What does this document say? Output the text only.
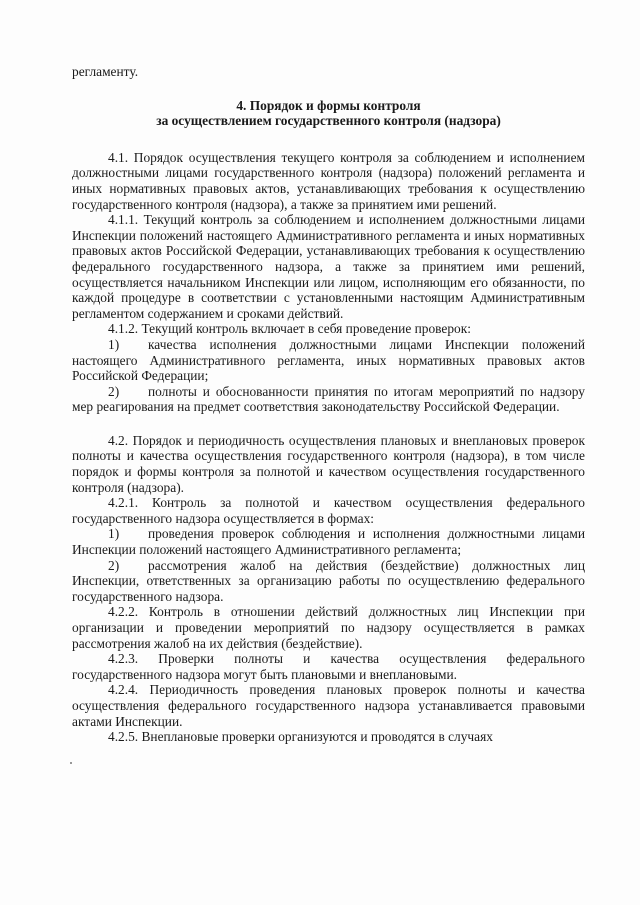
регламенту.

4. Порядок и формы контроля

за осуществлением государственного контроля (надзора)

4.1. Порядок осуществления текущего контроля за соблюдением и исполнением должностными лицами государственного контроля (надзора) положений регламента и иных нормативных правовых актов, устанавливающих требования к осуществлению государственного контроля (надзора), а также за принятием ими решений.

4.1.1. Текущий контроль за соблюдением и исполнением должностными лицами Инспекции положений настоящего Административного регламента и иных нормативных правовых актов Российской Федерации, устанавливающих требования к осуществлению федерального государственного надзора, а также за принятием ими решений, осуществляется начальником Инспекции или лицом, исполняющим его обязанности, по каждой процедуре в соответствии с установленными настоящим Административным регламентом содержанием и сроками действий.

4.1.2. Текущий контроль включает в себя проведение проверок:

1) качества исполнения должностными лицами Инспекции положений настоящего Административного регламента, иных нормативных правовых актов Российской Федерации;

2) полноты и обоснованности принятия по итогам мероприятий по надзору мер реагирования на предмет соответствия законодательству Российской Федерации.

4.2. Порядок и периодичность осуществления плановых и внеплановых проверок полноты и качества осуществления государственного контроля (надзора), в том числе порядок и формы контроля за полнотой и качеством осуществления государственного контроля (надзора).

4.2.1. Контроль за полнотой и качеством осуществления федерального государственного надзора осуществляется в формах:

1) проведения проверок соблюдения и исполнения должностными лицами Инспекции положений настоящего Административного регламента;

2) рассмотрения жалоб на действия (бездействие) должностных лиц Инспекции, ответственных за организацию работы по осуществлению федерального государственного надзора.

4.2.2. Контроль в отношении действий должностных лиц Инспекции при организации и проведении мероприятий по надзору осуществляется в рамках рассмотрения жалоб на их действия (бездействие).

4.2.3. Проверки полноты и качества осуществления федерального государственного надзора могут быть плановыми и внеплановыми.

4.2.4. Периодичность проведения плановых проверок полноты и качества осуществления федерального государственного надзора устанавливается правовыми актами Инспекции.

4.2.5. Внеплановые проверки организуются и проводятся в случаях
